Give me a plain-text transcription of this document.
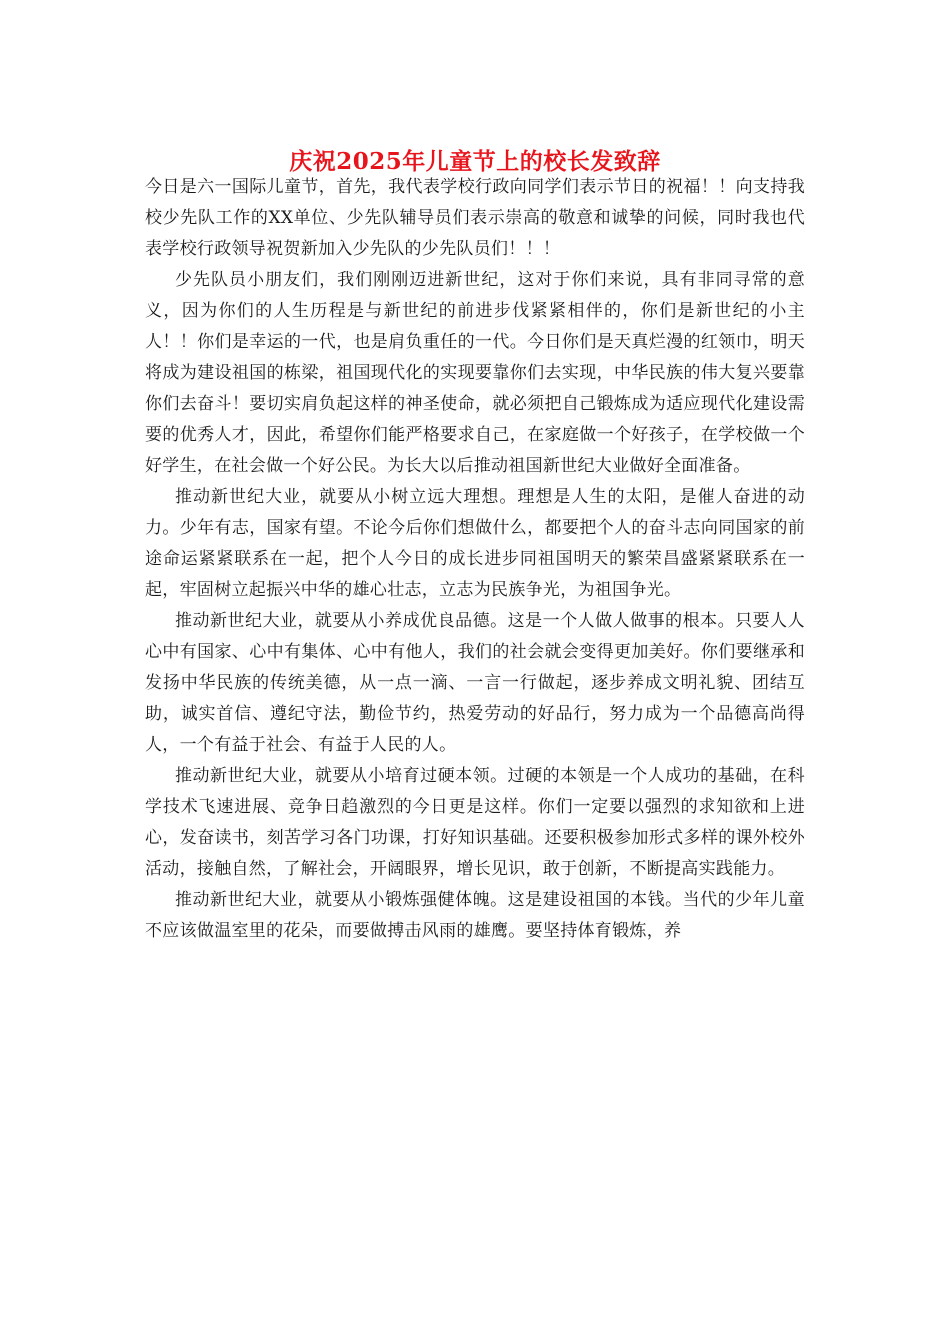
庆祝2025年儿童节上的校长发致辞

今日是六一国际儿童节，首先，我代表学校行政向同学们表示节日的祝福！！向支持我校少先队工作的XX单位、少先队辅导员们表示崇高的敬意和诚挚的问候，同时我也代表学校行政领导祝贺新加入少先队的少先队员们！！！

少先队员小朋友们，我们刚刚迈进新世纪，这对于你们来说，具有非同寻常的意义，因为你们的人生历程是与新世纪的前进步伐紧紧相伴的，你们是新世纪的小主人！！你们是幸运的一代，也是肩负重任的一代。今日你们是天真烂漫的红领巾，明天将成为建设祖国的栋梁，祖国现代化的实现要靠你们去实现，中华民族的伟大复兴要靠你们去奋斗！要切实肩负起这样的神圣使命，就必须把自己锻炼成为适应现代化建设需要的优秀人才，因此，希望你们能严格要求自己，在家庭做一个好孩子，在学校做一个好学生，在社会做一个好公民。为长大以后推动祖国新世纪大业做好全面准备。

推动新世纪大业，就要从小树立远大理想。理想是人生的太阳，是催人奋进的动力。少年有志，国家有望。不论今后你们想做什么，都要把个人的奋斗志向同国家的前途命运紧紧联系在一起，把个人今日的成长进步同祖国明天的繁荣昌盛紧紧联系在一起，牢固树立起振兴中华的雄心壮志，立志为民族争光，为祖国争光。

推动新世纪大业，就要从小养成优良品德。这是一个人做人做事的根本。只要人人心中有国家、心中有集体、心中有他人，我们的社会就会变得更加美好。你们要继承和发扬中华民族的传统美德，从一点一滴、一言一行做起，逐步养成文明礼貌、团结互助，诚实首信、遵纪守法，勤俭节约，热爱劳动的好品行，努力成为一个品德高尚得人，一个有益于社会、有益于人民的人。

推动新世纪大业，就要从小培育过硬本领。过硬的本领是一个人成功的基础，在科学技术飞速进展、竞争日趋激烈的今日更是这样。你们一定要以强烈的求知欲和上进心，发奋读书，刻苦学习各门功课，打好知识基础。还要积极参加形式多样的课外校外活动，接触自然，了解社会，开阔眼界，增长见识，敢于创新，不断提高实践能力。

推动新世纪大业，就要从小锻炼强健体魄。这是建设祖国的本钱。当代的少年儿童不应该做温室里的花朵，而要做搏击风雨的雄鹰。要坚持体育锻炼，养
